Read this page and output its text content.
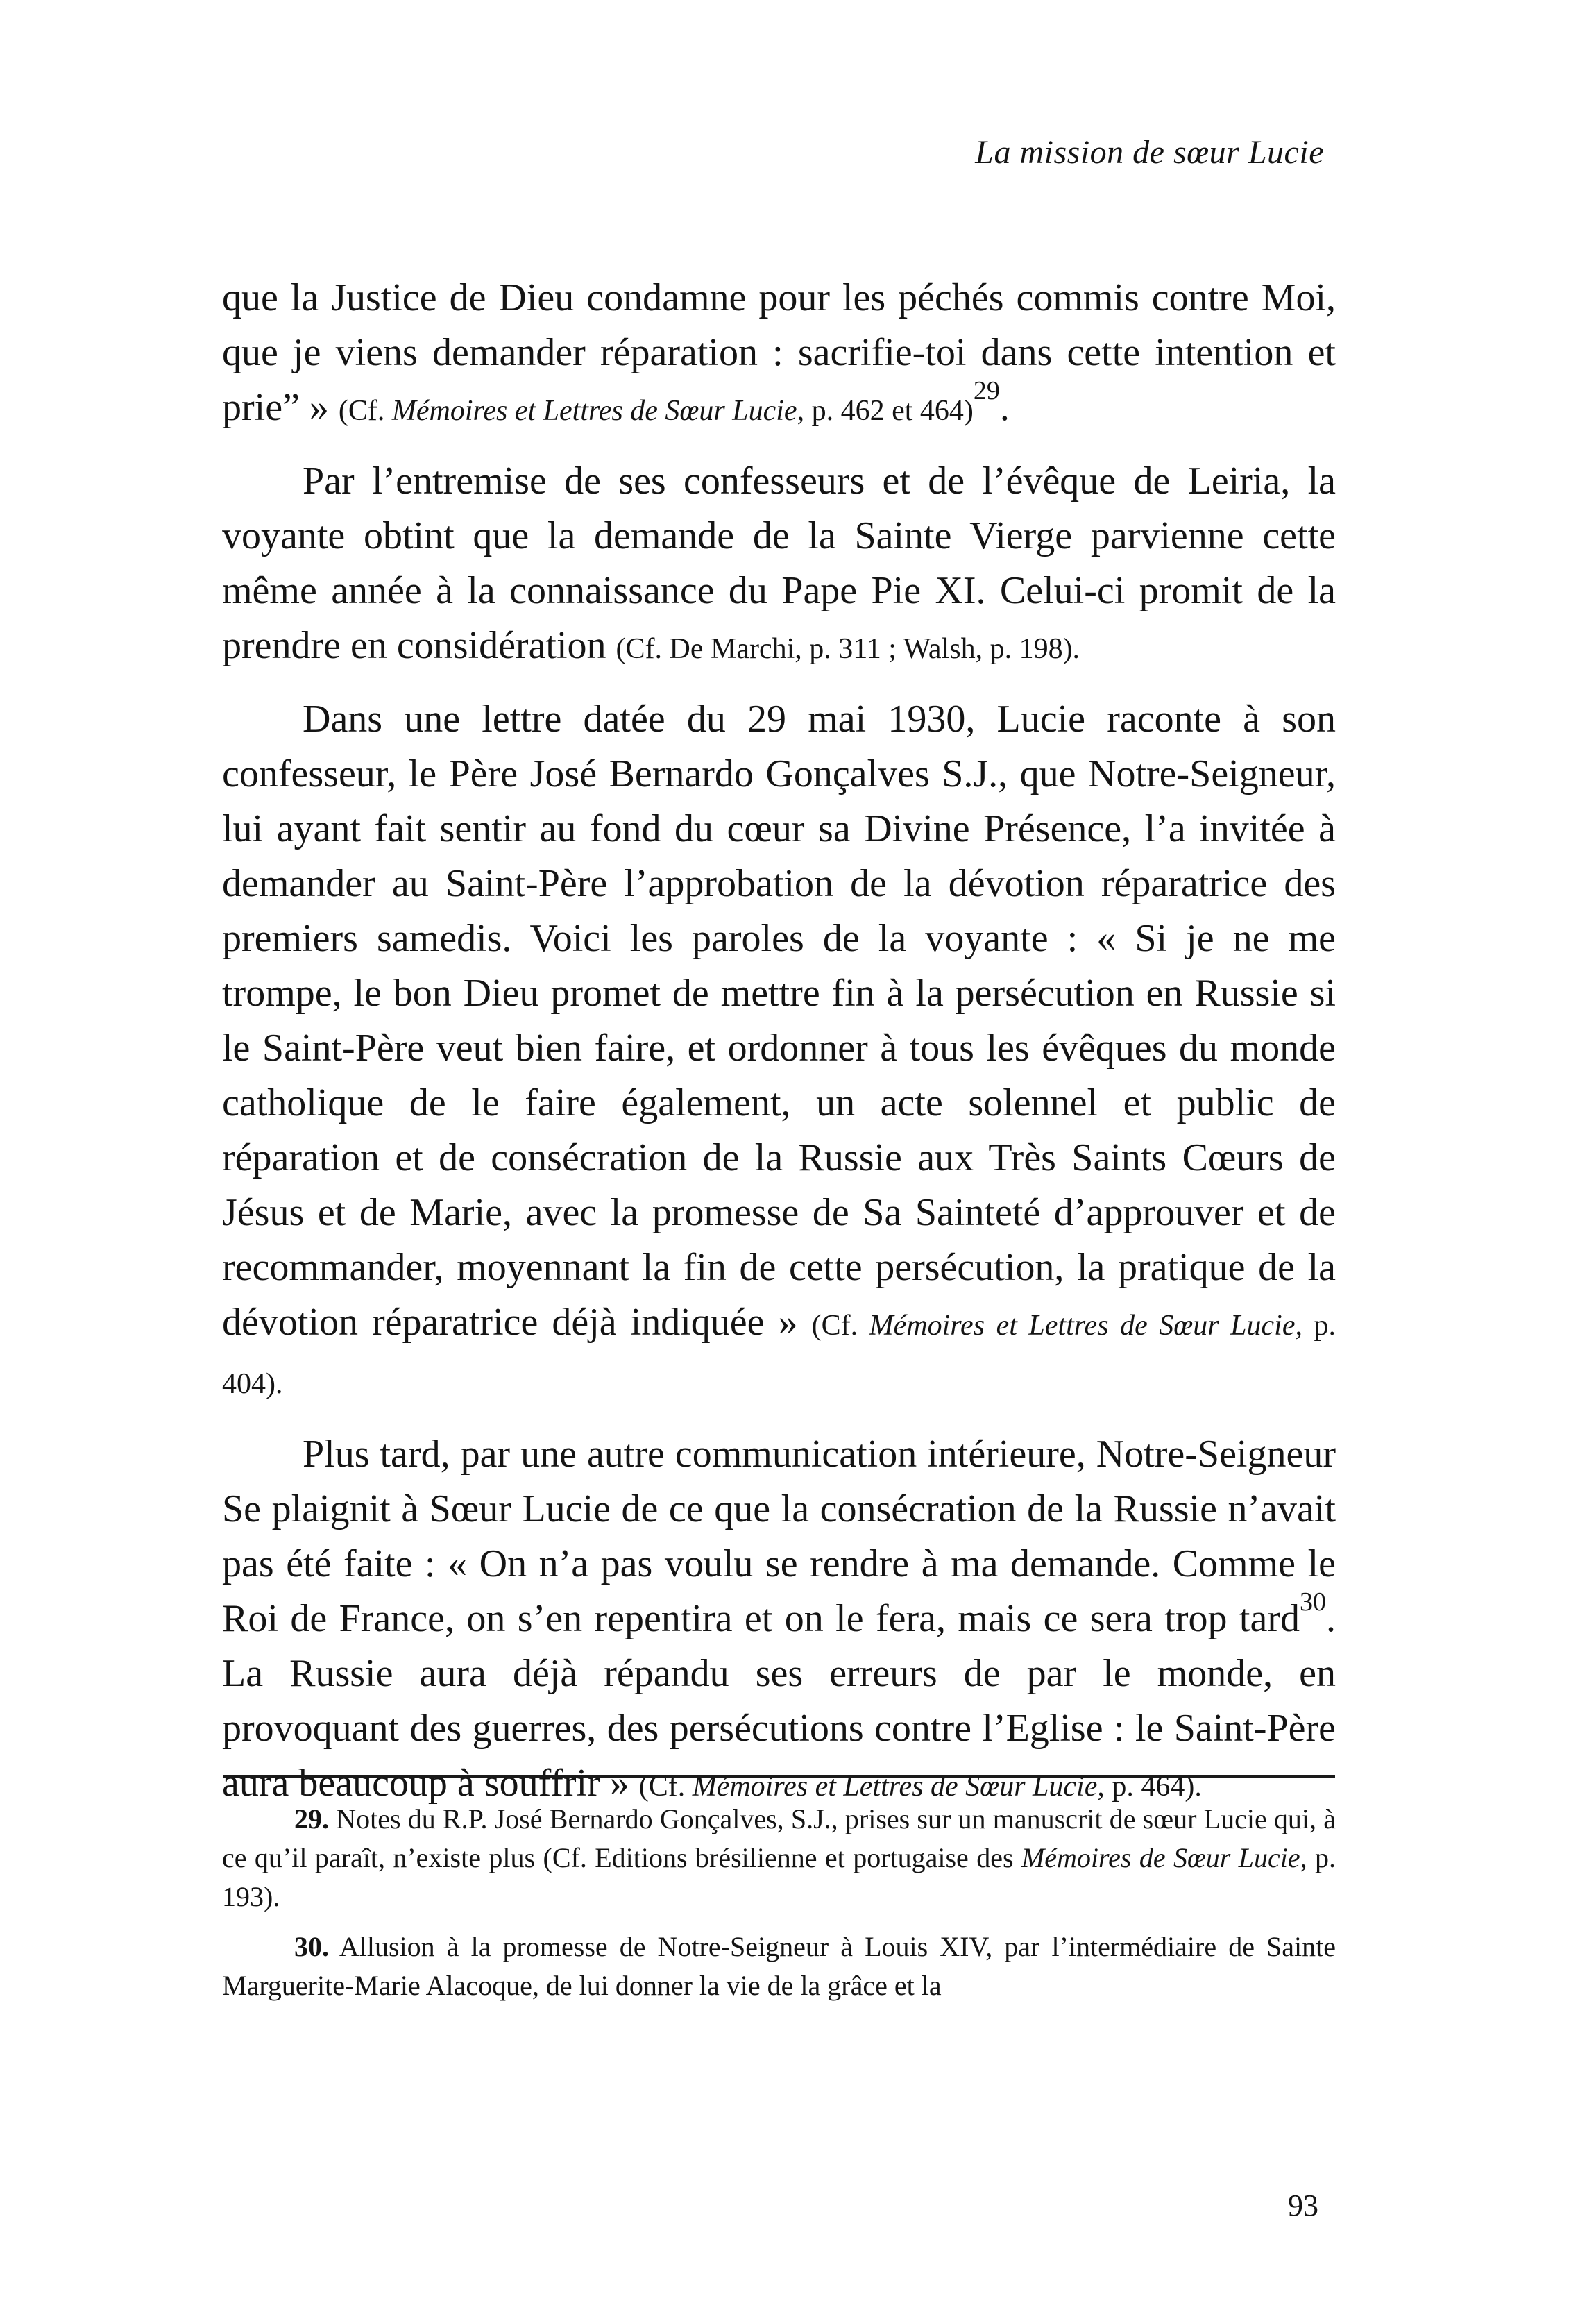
La mission de sœur Lucie

que la Justice de Dieu condamne pour les péchés commis contre Moi, que je viens demander réparation : sacrifie-toi dans cette intention et prie” » (Cf. Mémoires et Lettres de Sœur Lucie, p. 462 et 464)$^{29}$.

Par l’entremise de ses confesseurs et de l’évêque de Leiria, la voyante obtint que la demande de la Sainte Vierge parvienne cette même année à la connaissance du Pape Pie XI. Celui-ci promit de la prendre en considération (Cf. De Marchi, p. 311 ; Walsh, p. 198).

Dans une lettre datée du 29 mai 1930, Lucie raconte à son confesseur, le Père José Bernardo Gonçalves S.J., que Notre-Seigneur, lui ayant fait sentir au fond du cœur sa Divine Présence, l’a invitée à demander au Saint-Père l’approbation de la dévotion réparatrice des premiers samedis. Voici les paroles de la voyante : « Si je ne me trompe, le bon Dieu promet de mettre fin à la persécution en Russie si le Saint-Père veut bien faire, et ordonner à tous les évêques du monde catholique de le faire également, un acte solennel et public de réparation et de consécration de la Russie aux Très Saints Cœurs de Jésus et de Marie, avec la promesse de Sa Sainteté d’approuver et de recommander, moyennant la fin de cette persécution, la pratique de la dévotion réparatrice déjà indiquée » (Cf. Mémoires et Lettres de Sœur Lucie, p. 404).

Plus tard, par une autre communication intérieure, Notre-Seigneur Se plaignit à Sœur Lucie de ce que la consécration de la Russie n’avait pas été faite : « On n’a pas voulu se rendre à ma demande. Comme le Roi de France, on s’en repentira et on le fera, mais ce sera trop tard$^{30}$. La Russie aura déjà répandu ses erreurs de par le monde, en provoquant des guerres, des persécutions contre l’Eglise : le Saint-Père aura beaucoup à souffrir » (Cf. Mémoires et Lettres de Sœur Lucie, p. 464).

29. Notes du R.P. José Bernardo Gonçalves, S.J., prises sur un manuscrit de sœur Lucie qui, à ce qu’il paraît, n’existe plus (Cf. Editions brésilienne et portugaise des Mémoires de Sœur Lucie, p. 193).

30. Allusion à la promesse de Notre-Seigneur à Louis XIV, par l’intermédiaire de Sainte Marguerite-Marie Alacoque, de lui donner la vie de la grâce et la

93
